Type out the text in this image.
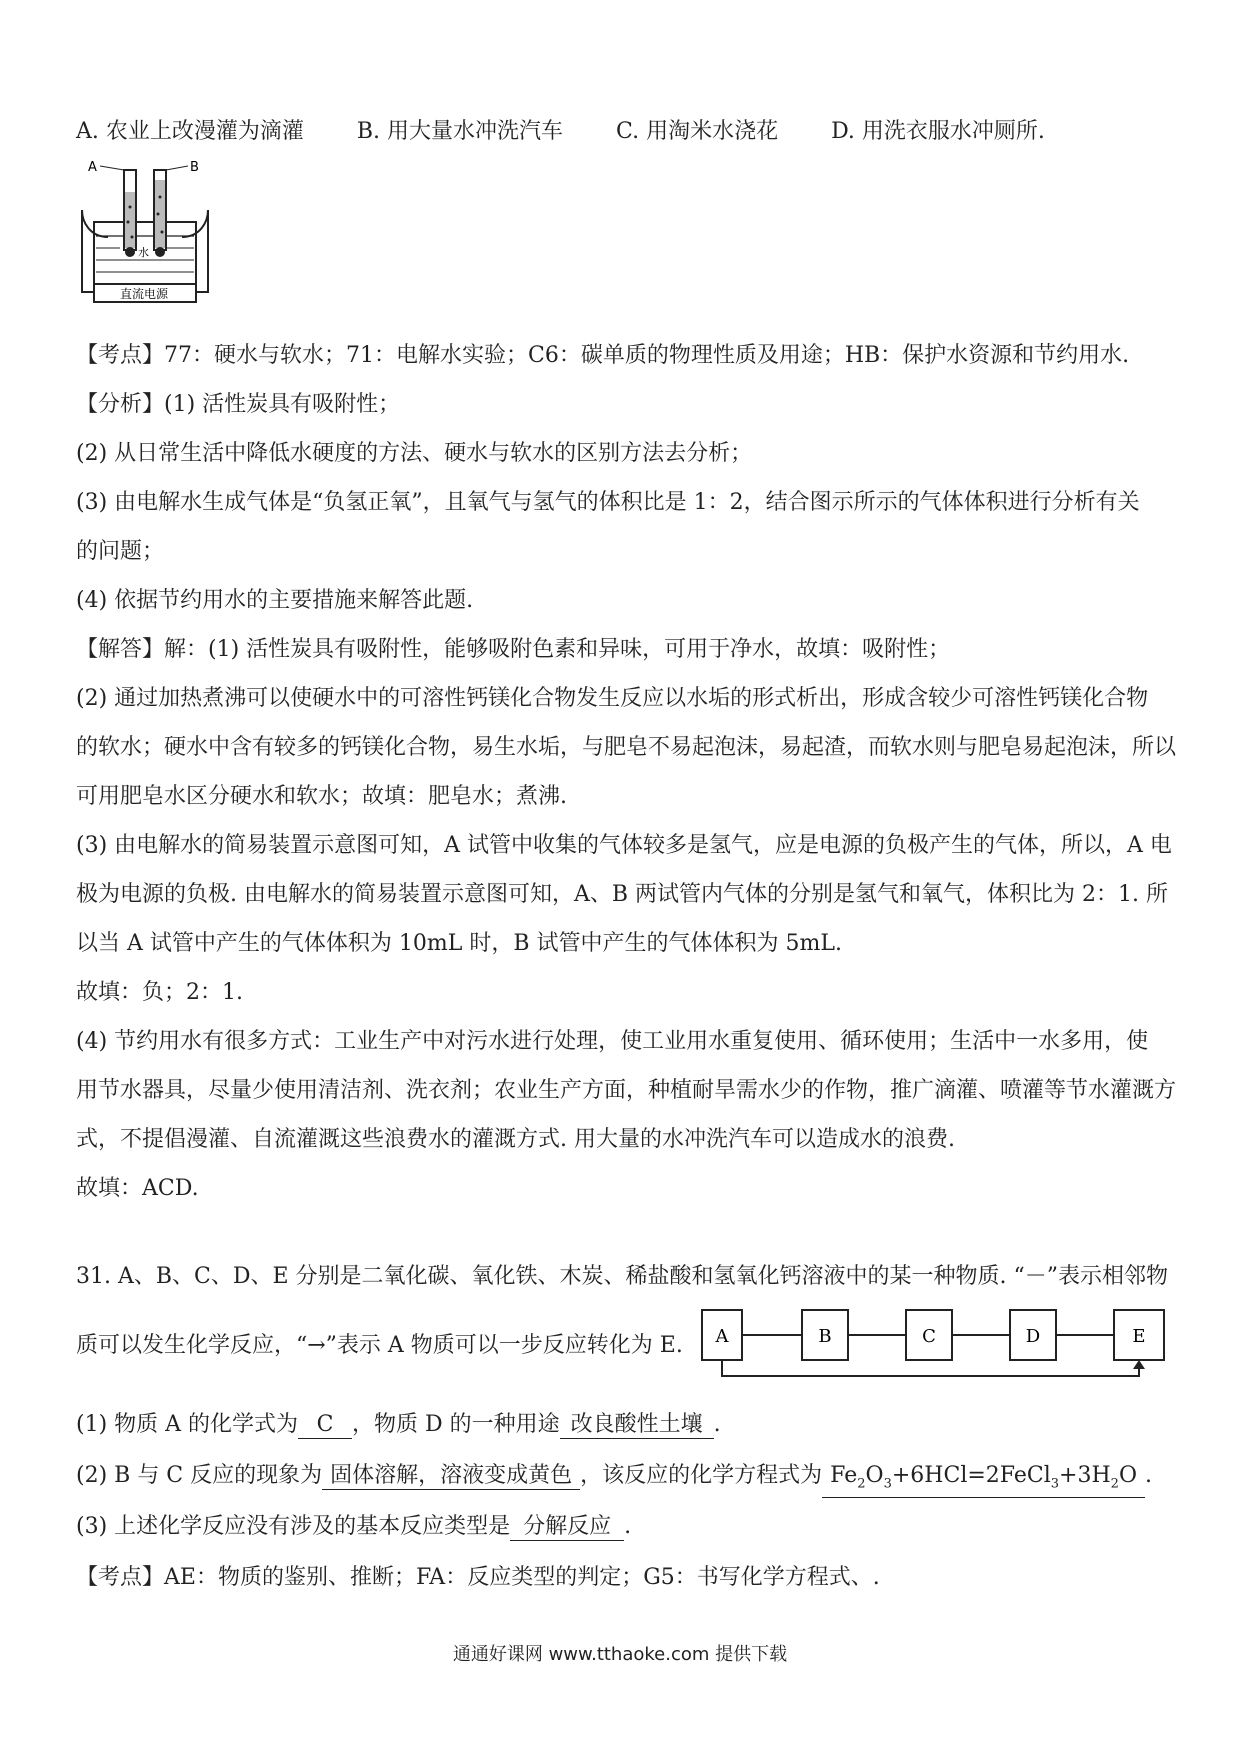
A. 农业上改漫灌为滴灌 B. 用大量水冲洗汽车 C. 用淘米水浇花 D. 用洗衣服水冲厕所.
A	B
水
直流电源
【考点】77：硬水与软水；71：电解水实验；C6：碳单质的物理性质及用途；HB：保护水资源和节约用水.
【分析】(1) 活性炭具有吸附性；
(2) 从日常生活中降低水硬度的方法、硬水与软水的区别方法去分析；
(3) 由电解水生成气体是“负氢正氧”，且氧气与氢气的体积比是 1：2，结合图示所示的气体体积进行分析有关
的问题；
(4) 依据节约用水的主要措施来解答此题.
【解答】解：(1) 活性炭具有吸附性，能够吸附色素和异味，可用于净水，故填：吸附性；
(2) 通过加热煮沸可以使硬水中的可溶性钙镁化合物发生反应以水垢的形式析出，形成含较少可溶性钙镁化合物
的软水；硬水中含有较多的钙镁化合物，易生水垢，与肥皂不易起泡沫，易起渣，而软水则与肥皂易起泡沫，所以
可用肥皂水区分硬水和软水；故填：肥皂水；煮沸.
(3) 由电解水的简易装置示意图可知，A 试管中收集的气体较多是氢气，应是电源的负极产生的气体，所以，A 电
极为电源的负极. 由电解水的简易装置示意图可知，A、B 两试管内气体的分别是氢气和氧气，体积比为 2：1. 所
以当 A 试管中产生的气体体积为 10mL 时，B 试管中产生的气体体积为 5mL.
故填：负；2：1.
(4) 节约用水有很多方式：工业生产中对污水进行处理，使工业用水重复使用、循环使用；生活中一水多用，使
用节水器具，尽量少使用清洁剂、洗衣剂；农业生产方面，种植耐旱需水少的作物，推广滴灌、喷灌等节水灌溉方
式，不提倡漫灌、自流灌溉这些浪费水的灌溉方式. 用大量的水冲洗汽车可以造成水的浪费.
故填：ACD.
31. A、B、C、D、E 分别是二氧化碳、氧化铁、木炭、稀盐酸和氢氧化钙溶液中的某一种物质. “－”表示相邻物
质可以发生化学反应，“→”表示 A 物质可以一步反应转化为 E. A	B	C	D	E
(1) 物质 A 的化学式为 C ，物质 D 的一种用途 改良酸性土壤 .
(2) B 与 C 反应的现象为 固体溶解，溶液变成黄色 ，该反应的化学方程式为 $Fe_2O_3+6HCl=2FeCl_3+3H_2O$ .
(3) 上述化学反应没有涉及的基本反应类型是 分解反应 .
【考点】AE：物质的鉴别、推断；FA：反应类型的判定；G5：书写化学方程式、.
通通好课网 www.tthaoke.com 提供下载
